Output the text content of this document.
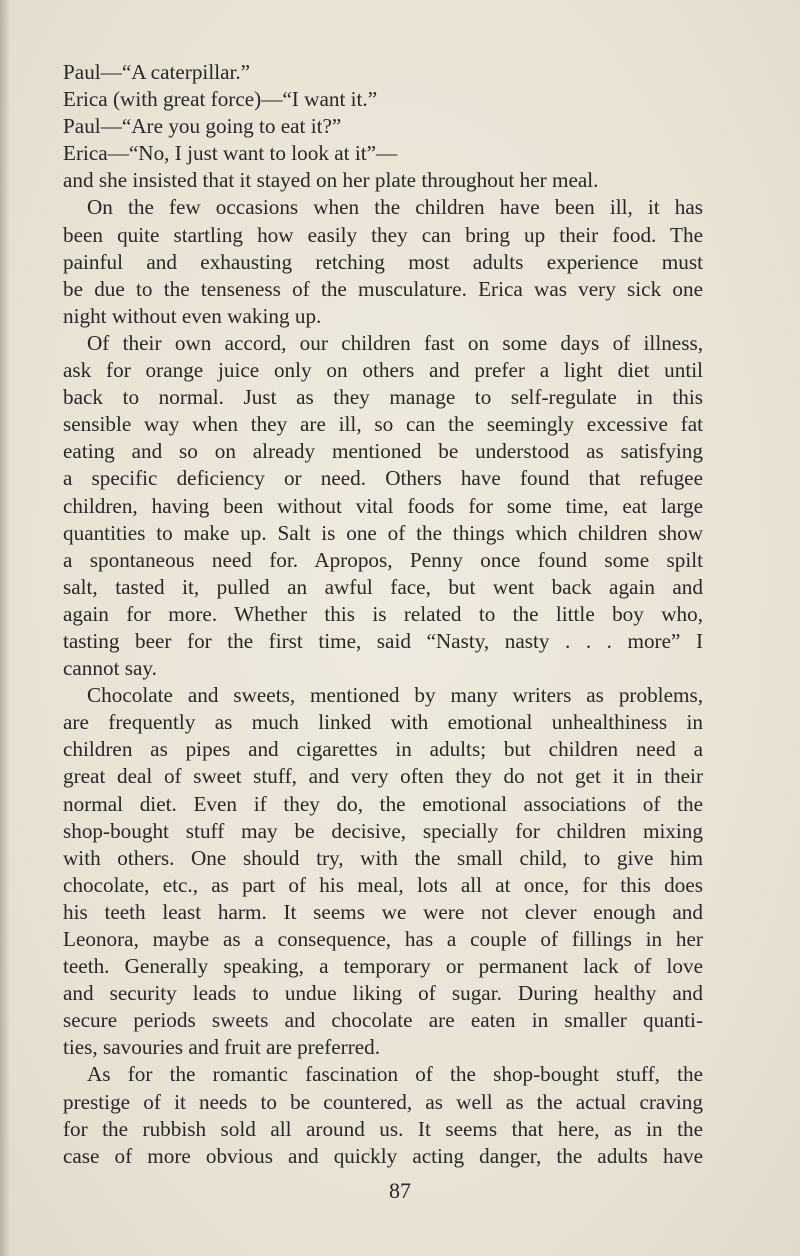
Paul—“A caterpillar.”
Erica (with great force)—“I want it.”
Paul—“Are you going to eat it?”
Erica—“No, I just want to look at it”—
and she insisted that it stayed on her plate throughout her meal.
On the few occasions when the children have been ill, it has
been quite startling how easily they can bring up their food. The
painful and exhausting retching most adults experience must
be due to the tenseness of the musculature. Erica was very sick one
night without even waking up.
Of their own accord, our children fast on some days of illness,
ask for orange juice only on others and prefer a light diet until
back to normal. Just as they manage to self-regulate in this
sensible way when they are ill, so can the seemingly excessive fat
eating and so on already mentioned be understood as satisfying
a specific deficiency or need. Others have found that refugee
children, having been without vital foods for some time, eat large
quantities to make up. Salt is one of the things which children show
a spontaneous need for. Apropos, Penny once found some spilt
salt, tasted it, pulled an awful face, but went back again and
again for more. Whether this is related to the little boy who,
tasting beer for the first time, said “Nasty, nasty . . . more” I
cannot say.
Chocolate and sweets, mentioned by many writers as problems,
are frequently as much linked with emotional unhealthiness in
children as pipes and cigarettes in adults; but children need a
great deal of sweet stuff, and very often they do not get it in their
normal diet. Even if they do, the emotional associations of the
shop-bought stuff may be decisive, specially for children mixing
with others. One should try, with the small child, to give him
chocolate, etc., as part of his meal, lots all at once, for this does
his teeth least harm. It seems we were not clever enough and
Leonora, maybe as a consequence, has a couple of fillings in her
teeth. Generally speaking, a temporary or permanent lack of love
and security leads to undue liking of sugar. During healthy and
secure periods sweets and chocolate are eaten in smaller quanti-
ties, savouries and fruit are preferred.
As for the romantic fascination of the shop-bought stuff, the
prestige of it needs to be countered, as well as the actual craving
for the rubbish sold all around us. It seems that here, as in the
case of more obvious and quickly acting danger, the adults have
87
